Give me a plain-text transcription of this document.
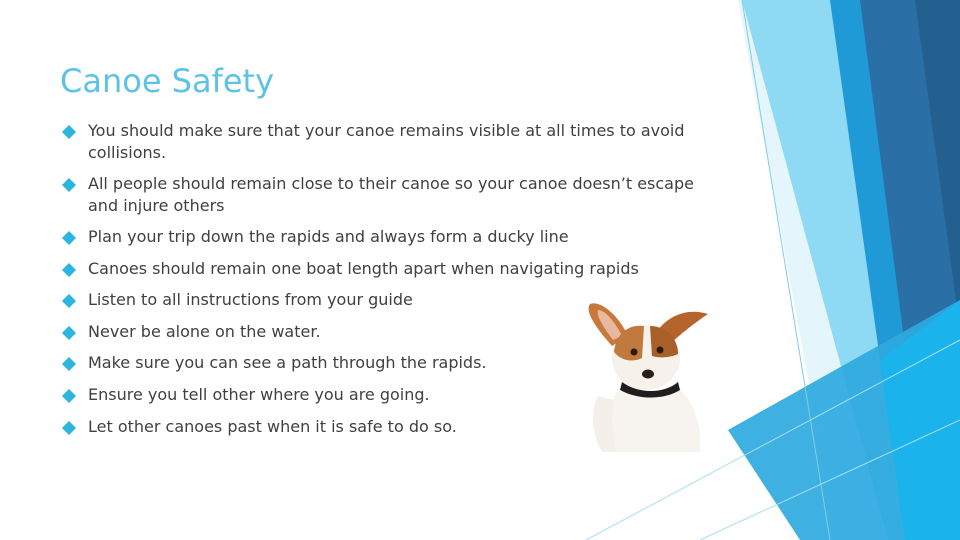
Canoe Safety
You should make sure that your canoe remains visible at all times to avoid collisions.
All people should remain close to their canoe so your canoe doesn’t escape and injure others
Plan your trip down the rapids and always form a ducky line
Canoes should remain one boat length apart when navigating rapids
Listen to all instructions from your guide
Never be alone on the water.
Make sure you can see a path through the rapids.
Ensure you tell other where you are going.
Let other canoes past when it is safe to do so.
